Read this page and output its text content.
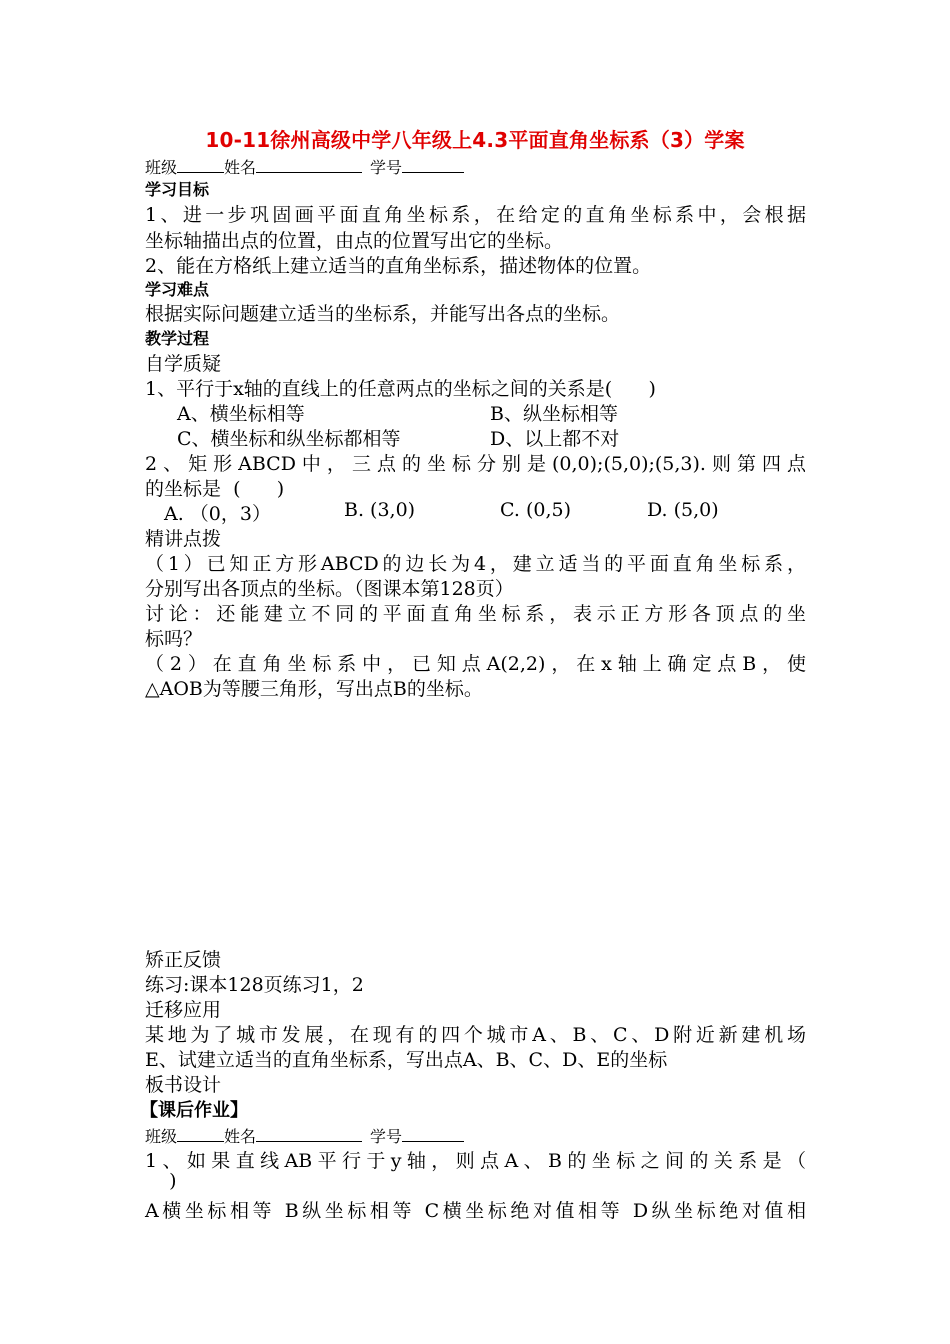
10-11徐州高级中学八年级上4.3平面直角坐标系（3）学案
班级	姓名	学号
学习目标
1、进一步巩固画平面直角坐标系，在给定的直角坐标系中，会根据
坐标轴描出点的位置，由点的位置写出它的坐标。
2、能在方格纸上建立适当的直角坐标系，描述物体的位置。
学习难点
根据实际问题建立适当的坐标系，并能写出各点的坐标。
教学过程
自学质疑
1、平行于x轴的直线上的任意两点的坐标之间的关系是(      )
A、横坐标相等	B、纵坐标相等
C、横坐标和纵坐标都相等	D、以上都不对
2、矩形ABCD中，三点的坐标分别是(0,0);(5,0);(5,3).则第四点
的坐标是  (      )
A. （0，3）	B. (3,0)	C. (0,5)	D. (5,0)
精讲点拨
（1）已知正方形ABCD的边长为4，建立适当的平面直角坐标系，
分别写出各顶点的坐标。（图课本第128页）
讨论：还能建立不同的平面直角坐标系，表示正方形各顶点的坐
标吗？
（2）在直角坐标系中，已知点A(2,2)，在x轴上确定点B，使
△AOB为等腰三角形，写出点B的坐标。
矫正反馈
练习:课本128页练习1，2
迁移应用
某地为了城市发展，在现有的四个城市A、B、C、D附近新建机场
E、试建立适当的直角坐标系，写出点A、B、C、D、E的坐标
板书设计
【课后作业】
班级	姓名	学号
1、如果直线AB平行于y轴，则点A、B的坐标之间的关系是（
)
A横坐标相等 B纵坐标相等 C横坐标绝对值相等 D纵坐标绝对值相
